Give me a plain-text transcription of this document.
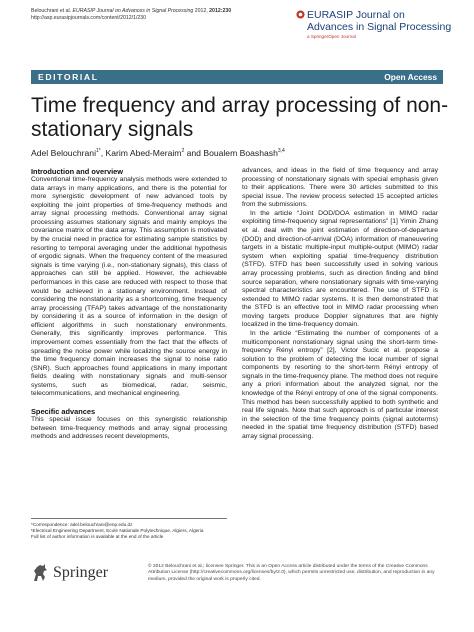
Belouchrani et al. EURASIP Journal on Advances in Signal Processing 2012, 2012:230
http://asp.eurasipjournals.com/content/2012/1/230	EURASIP Journal on
Advances in Signal Processing
a SpringerOpen Journal
EDITORIAL	Open Access
Time frequency and array processing of non-stationary signals
Adel Belouchrani$^{1*}$, Karim Abed-Meraim$^2$ and Boualem Boashash$^{3,4}$
Introduction and overview

Conventional time-frequency analysis methods were extended to data arrays in many applications, and there is the potential for more synergistic development of new advanced tools by exploiting the joint properties of time-frequency methods and array signal processing methods. Conventional array signal processing assumes stationary signals and mainly employs the covariance matrix of the data array. This assumption is motivated by the crucial need in practice for estimating sample statistics by resorting to temporal averaging under the additional hypothesis of ergodic signals. When the frequency content of the measured signals is time varying (i.e., non-stationary signals), this class of approaches can still be applied. However, the achievable performances in this case are reduced with respect to those that would be achieved in a stationary environment. Instead of considering the nonstationarity as a shortcoming, time frequency array processing (TFAP) takes advantage of the nonstationarity by considering it as a source of information in the design of efficient algorithms in such nonstationary environments. Generally, this significantly improves performance. This improvement comes essentially from the fact that the effects of spreading the noise power while localizing the source energy in the time frequency domain increases the signal to noise ratio (SNR). Such approaches found applications in many important fields dealing with nonstationary signals and multi-sensor systems, such as biomedical, radar, seismic, telecommunications, and mechanical engineering.

Specific advances

This special issue focuses on this synergistic relationship between time-frequency methods and array signal processing methods and addresses recent developments,

advances, and ideas in the field of time frequency and array processing of nonstationary signals with special emphasis given to their applications. There were 30 articles submitted to this special issue. The review process selected 15 accepted articles from the submissions.

In the article “Joint DOD/DOA estimation in MIMO radar exploiting time-frequency signal representations” [1] Yimin Zhang et al. deal with the joint estimation of direction-of-departure (DOD) and direction-of-arrival (DOA) information of maneuvering targets in a bistatic multiple-input multiple-output (MIMO) radar system when exploiting spatial time-frequency distribution (STFD). STFD has been successfully used in solving various array processing problems, such as direction finding and blind source separation, where nonstationary signals with time-varying spectral characteristics are encountered. The use of STFD is extended to MIMO radar systems. It is then demonstrated that the STFD is an effective tool in MIMO radar processing when moving targets produce Doppler signatures that are highly localized in the time-frequency domain.

In the article “Estimating the number of components of a multicomponent nonstationary signal using the short-term time-frequency Rényi entropy” [2], Victor Sucic et al. propose a solution to the problem of detecting the local number of signal components by resorting to the short-term Rényi entropy of signals in the time-frequency plane. The method does not require any a priori information about the analyzed signal, nor the knowledge of the Rényi entropy of one of the signal components. This method has been successfully applied to both synthetic and real life signals. Note that such approach is of particular interest in the selection of the time frequency points (signal autoterms) needed in the spatial time frequency distribution (STFD) based array signal processing.

*Correspondence: adel.belouchrani@enp.edu.dz
¹Electrical Engineering Department, Ecole Nationale Polytechnique, Algiers, Algeria
Full list of author information is available at the end of the article
Springer	© 2012 Belouchrani et al.; licensee Springer. This is an Open Access article distributed under the terms of the Creative Commons Attribution License (http://creativecommons.org/licenses/by/2.0), which permits unrestricted use, distribution, and reproduction in any medium, provided the original work is properly cited.
